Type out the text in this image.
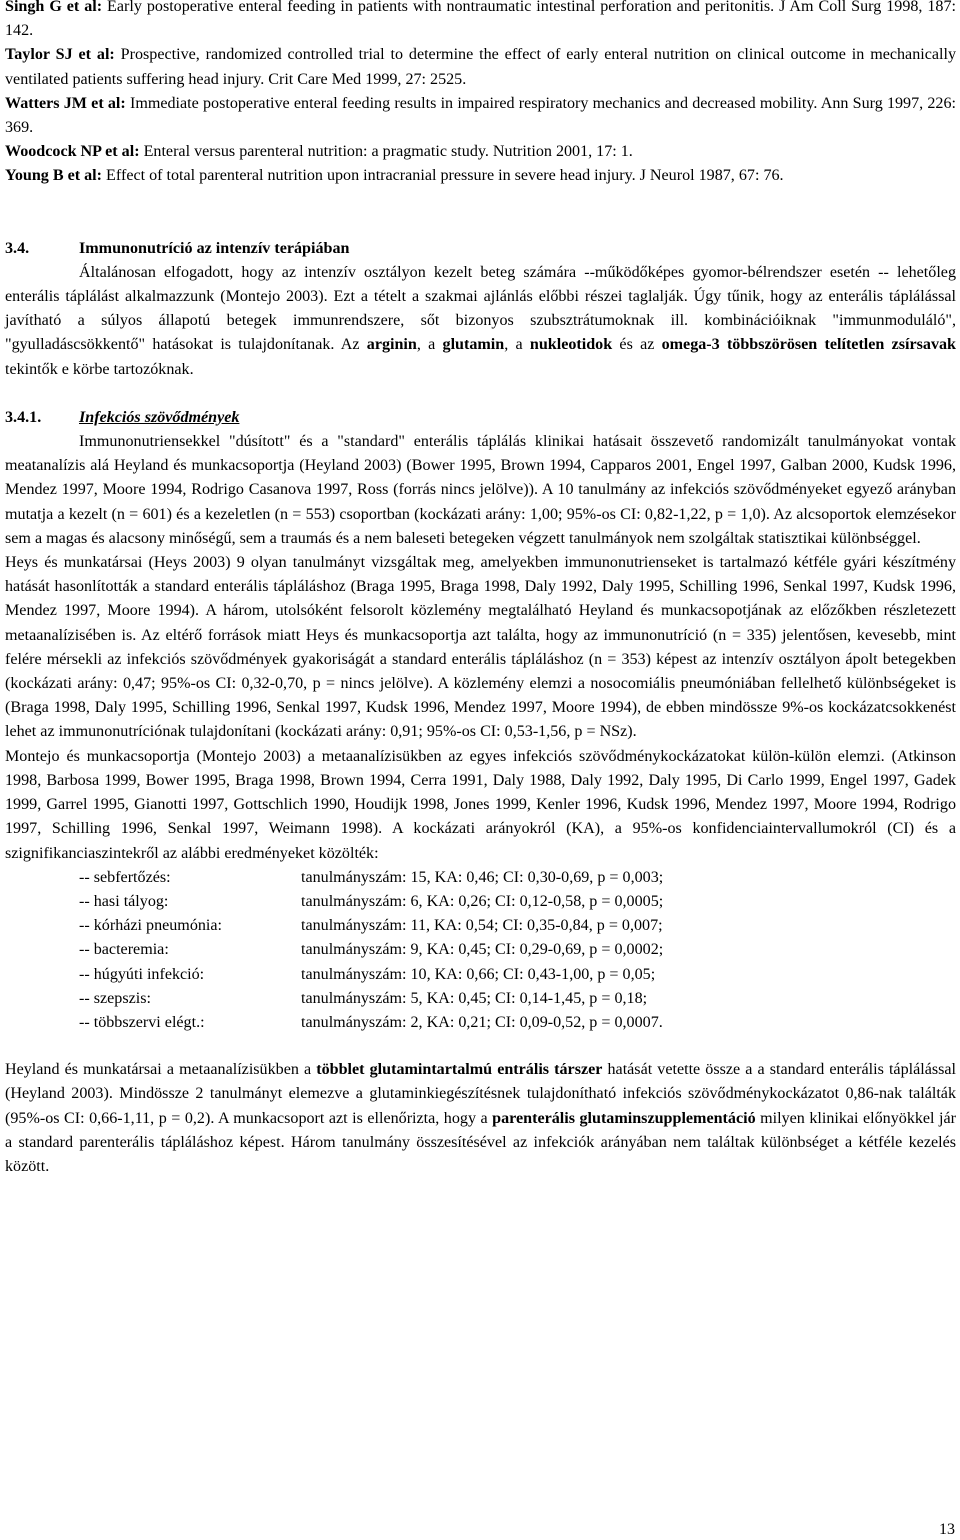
Singh G et al: Early postoperative enteral feeding in patients with nontraumatic intestinal perforation and peritonitis. J Am Coll Surg 1998, 187: 142.

Taylor SJ et al: Prospective, randomized controlled trial to determine the effect of early enteral nutrition on clinical outcome in mechanically ventilated patients suffering head injury. Crit Care Med 1999, 27: 2525.

Watters JM et al: Immediate postoperative enteral feeding results in impaired respiratory mechanics and decreased mobility. Ann Surg 1997, 226: 369.

Woodcock NP et al: Enteral versus parenteral nutrition: a pragmatic study. Nutrition 2001, 17: 1.

Young B et al: Effect of total parenteral nutrition upon intracranial pressure in severe head injury. J Neurol 1987, 67: 76.

3.4.	Immunonutríció az intenzív terápiában

Általánosan elfogadott, hogy az intenzív osztályon kezelt beteg számára --működőképes gyomor-bélrendszer esetén -- lehetőleg enterális táplálást alkalmazzunk (Montejo 2003). Ezt a tételt a szakmai ajlánlás előbbi részei taglalják. Úgy tűnik, hogy az enterális táplálással javítható a súlyos állapotú betegek immunrendszere, sőt bizonyos szubsztrátumoknak ill. kombinációiknak "immunmoduláló", "gyulladáscsökkentő" hatásokat is tulajdonítanak. Az arginin, a glutamin, a nukleotidok és az omega-3 többszörösen telítetlen zsírsavak tekintők e körbe tartozóknak.

3.4.1.	Infekciós szövődmények

Immunonutriensekkel "dúsított" és a "standard" enterális táplálás klinikai hatásait összevető randomizált tanulmányokat vontak meatanalízis alá Heyland és munkacsoportja (Heyland 2003) (Bower 1995, Brown 1994, Capparos 2001, Engel 1997, Galban 2000, Kudsk 1996, Mendez 1997, Moore 1994, Rodrigo Casanova 1997, Ross (forrás nincs jelölve)). A 10 tanulmány az infekciós szövődményeket egyező arányban mutatja a kezelt (n = 601) és a kezeletlen (n = 553) csoportban (kockázati arány: 1,00; 95%-os CI: 0,82-1,22, p = 1,0). Az alcsoportok elemzésekor sem a magas és alacsony minőségű, sem a traumás és a nem baleseti betegeken végzett tanulmányok nem szolgáltak statisztikai különbséggel.

Heys és munkatársai (Heys 2003) 9 olyan tanulmányt vizsgáltak meg, amelyekben immunonutrienseket is tartalmazó kétféle gyári készítmény hatását hasonlították a standard enterális tápláláshoz (Braga 1995, Braga 1998, Daly 1992, Daly 1995, Schilling 1996, Senkal 1997, Kudsk 1996, Mendez 1997, Moore 1994). A három, utolsóként felsorolt közlemény megtalálható Heyland és munkacsopotjának az előzőkben részletezett metaanalízisében is. Az eltérő források miatt Heys és munkacsoportja azt találta, hogy az immunonutríció (n = 335) jelentősen, kevesebb, mint felére mérsekli az infekciós szövődmények gyakoriságát a standard enterális tápláláshoz (n = 353) képest az intenzív osztályon ápolt betegekben (kockázati arány: 0,47; 95%-os CI: 0,32-0,70, p = nincs jelölve). A közlemény elemzi a nosocomiális pneumóniában fellelhető különbségeket is (Braga 1998, Daly 1995, Schilling 1996, Senkal 1997, Kudsk 1996, Mendez 1997, Moore 1994), de ebben mindössze 9%-os kockázatcsokkenést lehet az immunonutríciónak tulajdonítani (kockázati arány: 0,91; 95%-os CI: 0,53-1,56, p = NSz).

Montejo és munkacsoportja (Montejo 2003) a metaanalízisükben az egyes infekciós szövődménykockázatokat külön-külön elemzi. (Atkinson 1998, Barbosa 1999, Bower 1995, Braga 1998, Brown 1994, Cerra 1991, Daly 1988, Daly 1992, Daly 1995, Di Carlo 1999, Engel 1997, Gadek 1999, Garrel 1995, Gianotti 1997, Gottschlich 1990, Houdijk 1998, Jones 1999, Kenler 1996, Kudsk 1996, Mendez 1997, Moore 1994, Rodrigo 1997, Schilling 1996, Senkal 1997, Weimann 1998). A kockázati arányokról (KA), a 95%-os konfidenciaintervallumokról (CI) és a szignifikanciaszintekről az alábbi eredményeket közölték:

-- sebfertőzés:	tanulmányszám: 15, KA: 0,46; CI: 0,30-0,69, p = 0,003;
-- hasi tályog:	tanulmányszám: 6, KA: 0,26; CI: 0,12-0,58, p = 0,0005;
-- kórházi pneumónia:	tanulmányszám: 11, KA: 0,54; CI: 0,35-0,84, p = 0,007;
-- bacteremia:	tanulmányszám: 9, KA: 0,45; CI: 0,29-0,69, p = 0,0002;
-- húgyúti infekció:	tanulmányszám: 10, KA: 0,66; CI: 0,43-1,00, p = 0,05;
-- szepszis:	tanulmányszám: 5, KA: 0,45; CI: 0,14-1,45, p = 0,18;
-- többszervi elégt.:	tanulmányszám: 2, KA: 0,21; CI: 0,09-0,52, p = 0,0007.

Heyland és munkatársai a metaanalízisükben a többlet glutamintartalmú entrális társzer hatását vetette össze a a standard enterális táplálással (Heyland 2003). Mindössze 2 tanulmányt elemezve a glutaminkiegészítésnek tulajdonítható infekciós szövődménykockázatot 0,86-nak találták (95%-os CI: 0,66-1,11, p = 0,2). A munkacsoport azt is ellenőrizta, hogy a parenterális glutaminszupplementáció milyen klinikai előnyökkel jár a standard parenterális tápláláshoz képest. Három tanulmány összesítésével az infekciók arányában nem találtak különbséget a kétféle kezelés között.

13
